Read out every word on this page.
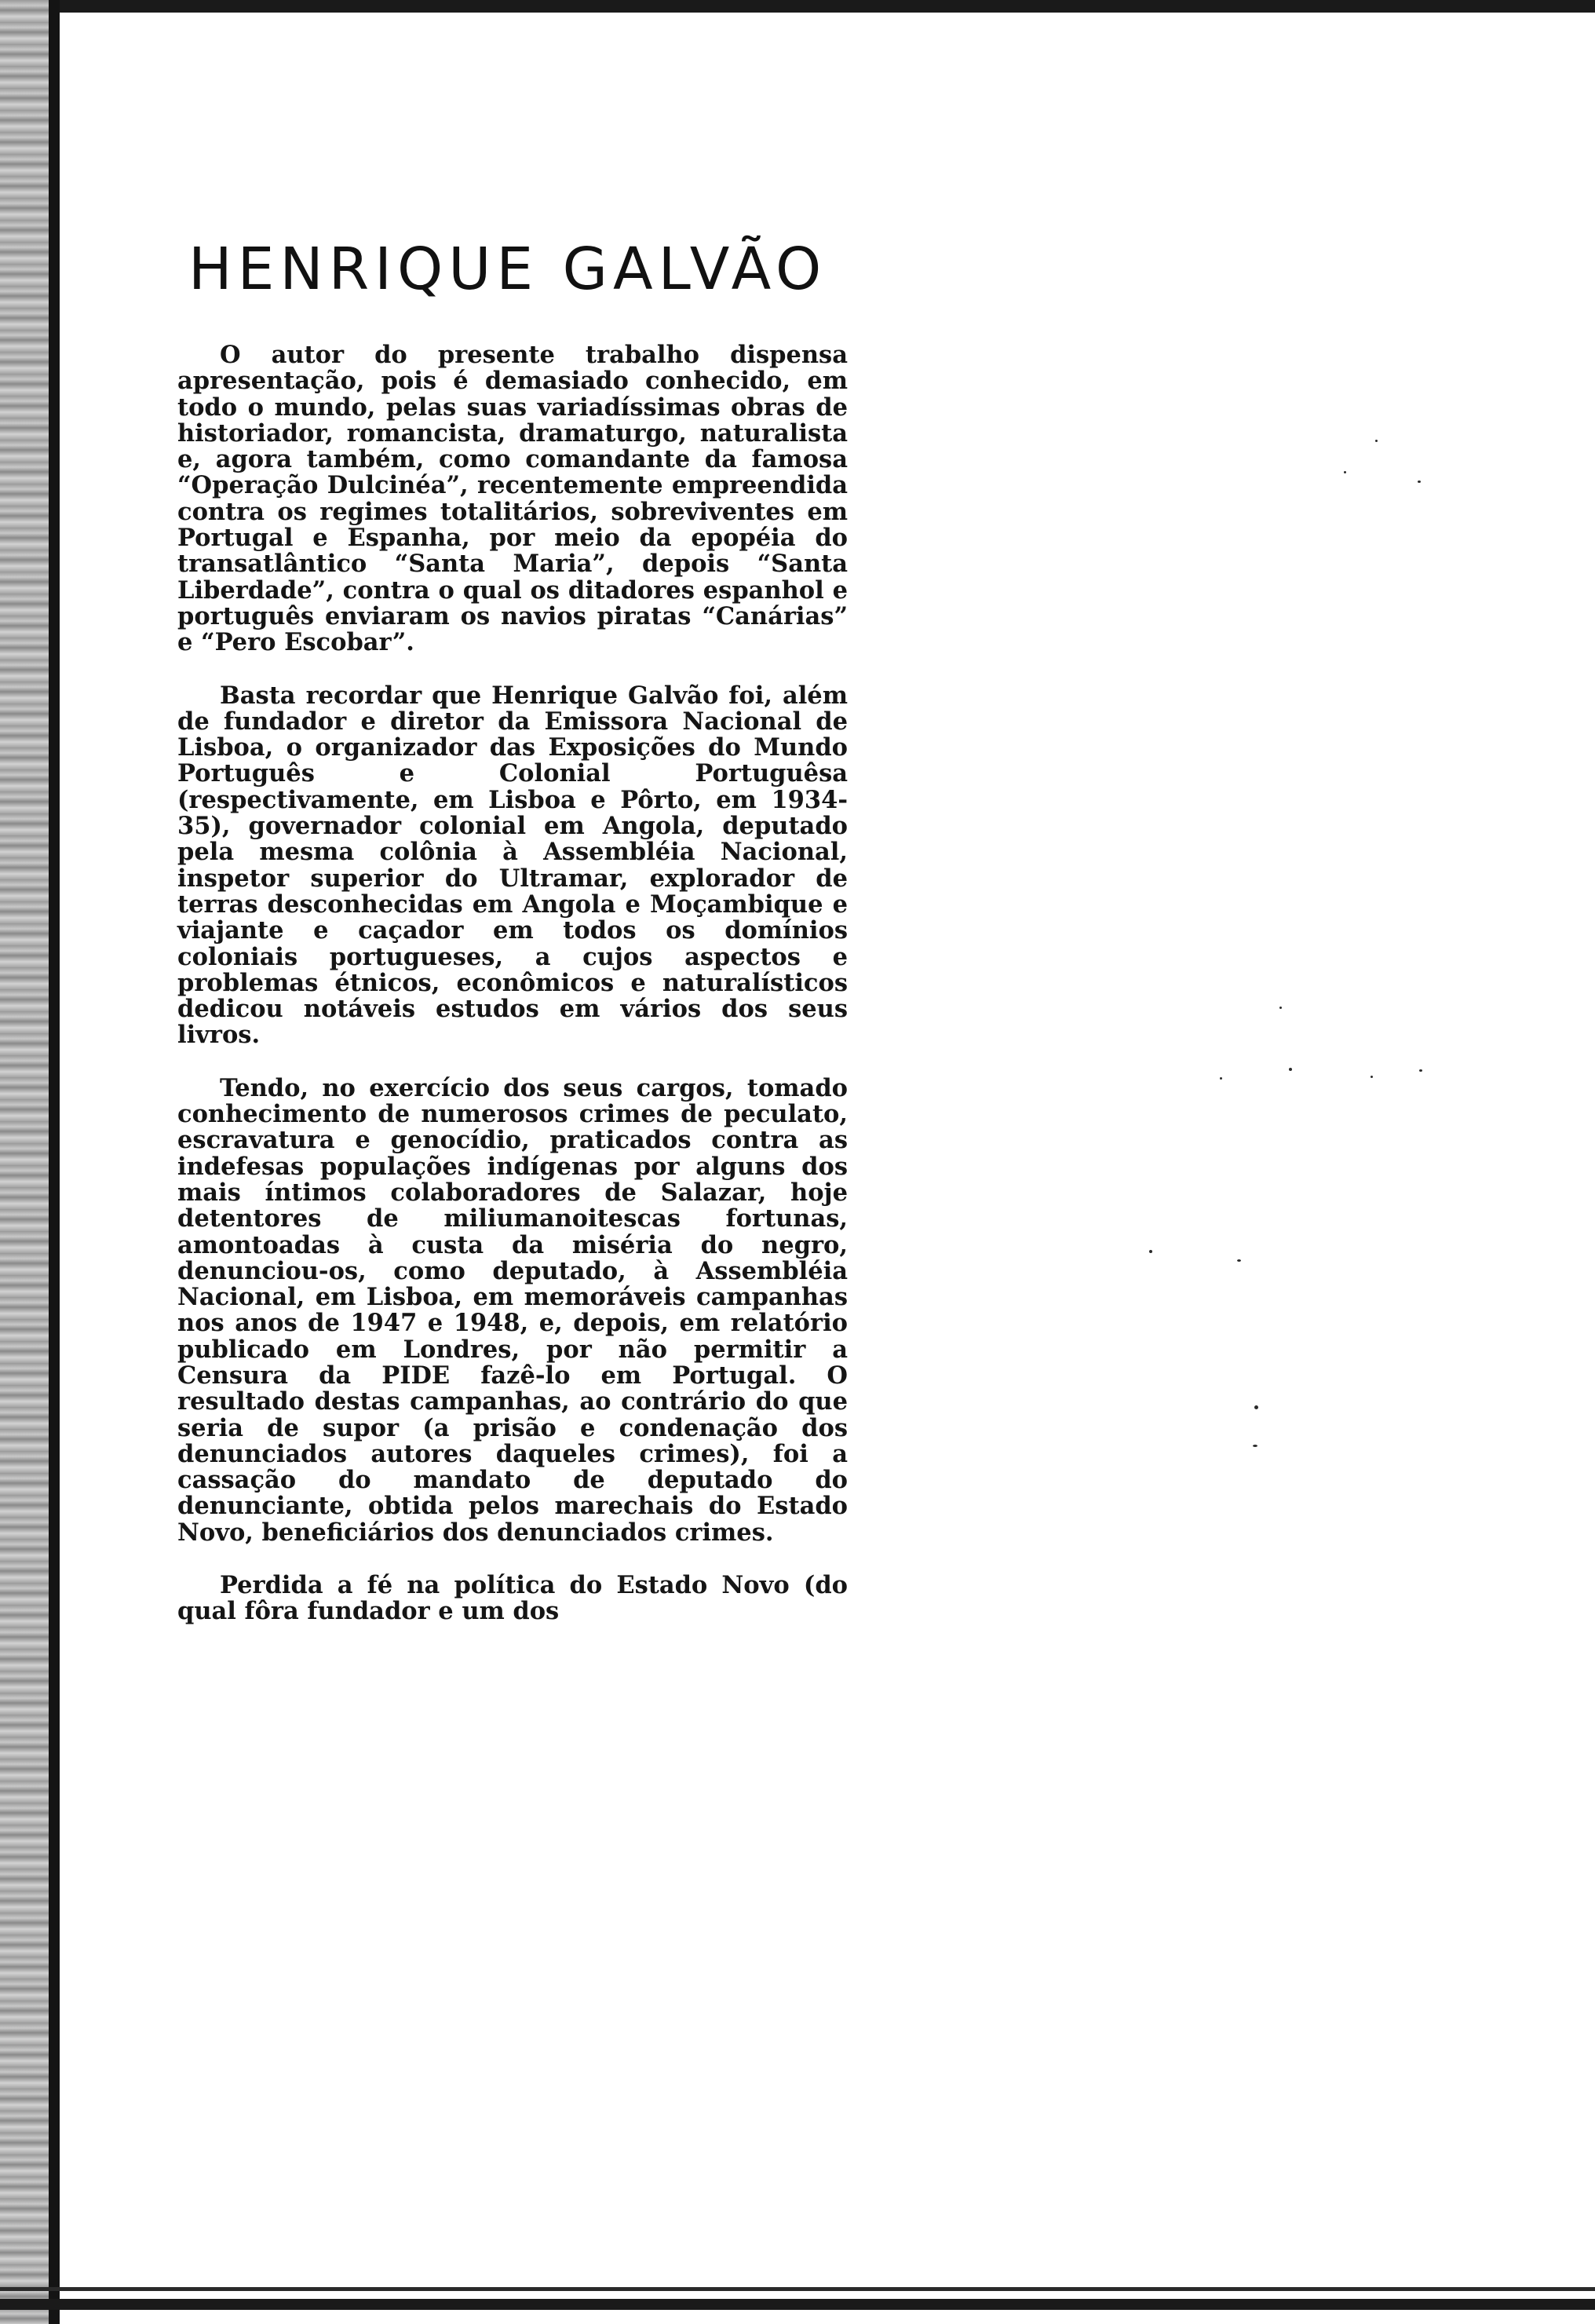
HENRIQUE GALVÃO

O autor do presente trabalho dispensa apresentação, pois é demasiado conhecido, em todo o mundo, pelas suas variadíssimas obras de historiador, romancista, dramaturgo, naturalista e, agora também, como comandante da famosa “Operação Dulcinéa”, recentemente empreendida contra os regimes totalitários, sobreviventes em Portugal e Espanha, por meio da epopéia do transatlântico “Santa Maria”, depois “Santa Liberdade”, contra o qual os ditadores espanhol e português enviaram os navios piratas “Canárias” e “Pero Escobar”.

Basta recordar que Henrique Galvão foi, além de fundador e diretor da Emissora Nacional de Lisboa, o organizador das Exposições do Mundo Português e Colonial Portuguêsa (respectivamente, em Lisboa e Pôrto, em 1934-35), governador colonial em Angola, deputado pela mesma colônia à Assembléia Nacional, inspetor superior do Ultramar, explorador de terras desconhecidas em Angola e Moçambique e viajante e caçador em todos os domínios coloniais portugueses, a cujos aspectos e problemas étnicos, econômicos e naturalísticos dedicou notáveis estudos em vários dos seus livros.

Tendo, no exercício dos seus cargos, tomado conhecimento de numerosos crimes de peculato, escravatura e genocídio, praticados contra as indefesas populações indígenas por alguns dos mais íntimos colaboradores de Salazar, hoje detentores de miliumanoitescas fortunas, amontoadas à custa da miséria do negro, denunciou-os, como deputado, à Assembléia Nacional, em Lisboa, em memoráveis campanhas nos anos de 1947 e 1948, e, depois, em relatório publicado em Londres, por não permitir a Censura da PIDE fazê-lo em Portugal. O resultado destas campanhas, ao contrário do que seria de supor (a prisão e condenação dos denunciados autores daqueles crimes), foi a cassação do mandato de deputado do denunciante, obtida pelos marechais do Estado Novo, beneficiários dos denunciados crimes.

Perdida a fé na política do Estado Novo (do qual fôra fundador e um dos
